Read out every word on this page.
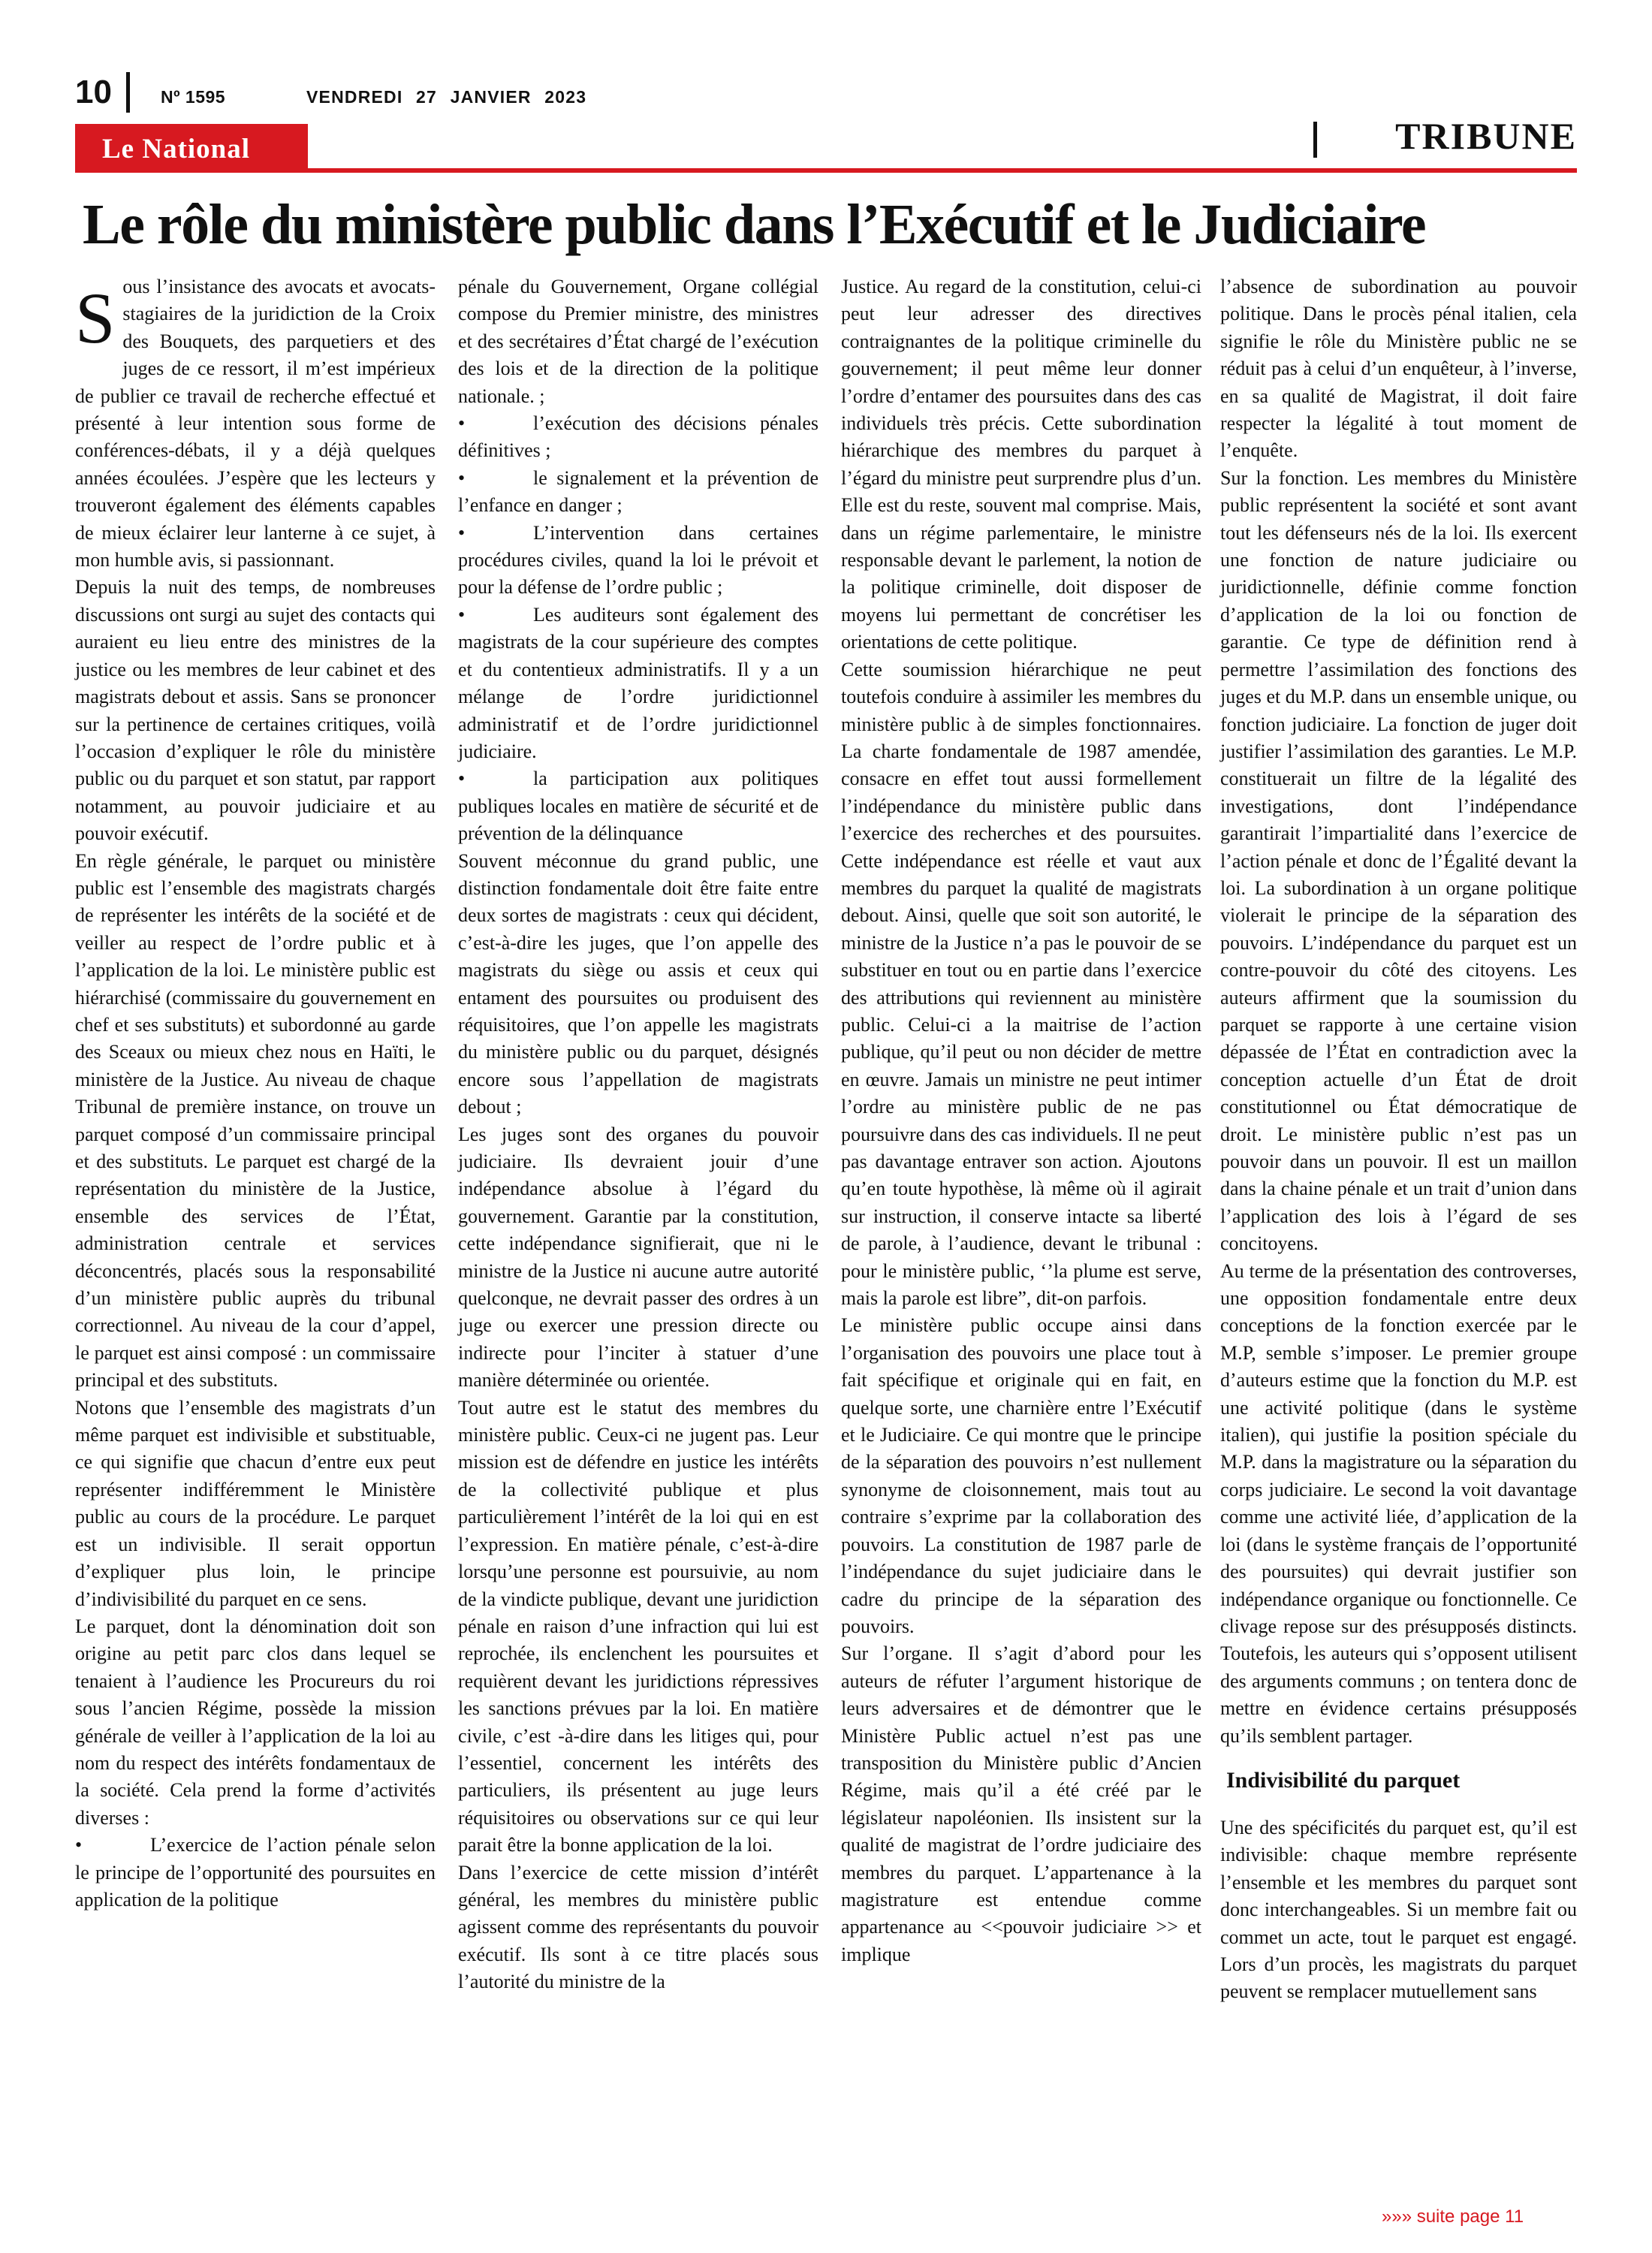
10	Nº 1595	VENDREDI 27 JANVIER 2023
Le National	TRIBUNE
Le rôle du ministère public dans l’Exécutif et le Judiciaire
S ous l’insistance des avocats et avocats-stagiaires de la juridiction de la Croix des Bouquets, des parquetiers et des juges de ce ressort, il m’est impérieux de publier ce travail de recherche effectué et présenté à leur intention sous forme de conférences-débats, il y a déjà quelques années écoulées. J’espère que les lecteurs y trouveront également des éléments capables de mieux éclairer leur lanterne à ce sujet, à mon humble avis, si passionnant.

Depuis la nuit des temps, de nombreuses discussions ont surgi au sujet des contacts qui auraient eu lieu entre des ministres de la justice ou les membres de leur cabinet et des magistrats debout et assis. Sans se prononcer sur la pertinence de certaines critiques, voilà l’occasion d’expliquer le rôle du ministère public ou du parquet et son statut, par rapport notamment, au pouvoir judiciaire et au pouvoir exécutif.

En règle générale, le parquet ou ministère public est l’ensemble des magistrats chargés de représenter les intérêts de la société et de veiller au respect de l’ordre public et à l’application de la loi. Le ministère public est hiérarchisé (commissaire du gouvernement en chef et ses substituts) et subordonné au garde des Sceaux ou mieux chez nous en Haïti, le ministère de la Justice. Au niveau de chaque Tribunal de première instance, on trouve un parquet composé d’un commissaire principal et des substituts. Le parquet est chargé de la représentation du ministère de la Justice, ensemble des services de l’État, administration centrale et services déconcentrés, placés sous la responsabilité d’un ministère public auprès du tribunal correctionnel. Au niveau de la cour d’appel, le parquet est ainsi composé : un commissaire principal et des substituts.

Notons que l’ensemble des magistrats d’un même parquet est indivisible et substituable, ce qui signifie que chacun d’entre eux peut représenter indifféremment le Ministère public au cours de la procédure. Le parquet est un indivisible. Il serait opportun d’expliquer plus loin, le principe d’indivisibilité du parquet en ce sens.

Le parquet, dont la dénomination doit son origine au petit parc clos dans lequel se tenaient à l’audience les Procureurs du roi sous l’ancien Régime, possède la mission générale de veiller à l’application de la loi au nom du respect des intérêts fondamentaux de la société. Cela prend la forme d’activités diverses :

•	L’exercice de l’action pénale selon le principe de l’opportunité des poursuites en application de la politique

pénale du Gouvernement, Organe collégial compose du Premier ministre, des ministres et des secrétaires d’État chargé de l’exécution des lois et de la direction de la politique nationale. ;

•	l’exécution des décisions pénales définitives ;

•	le signalement et la prévention de l’enfance en danger ;

•	L’intervention dans certaines procédures civiles, quand la loi le prévoit et pour la défense de l’ordre public ;

•	Les auditeurs sont également des magistrats de la cour supérieure des comptes et du contentieux administratifs. Il y a un mélange de l’ordre juridictionnel administratif et de l’ordre juridictionnel judiciaire.

•	la participation aux politiques publiques locales en matière de sécurité et de prévention de la délinquance

Souvent méconnue du grand public, une distinction fondamentale doit être faite entre deux sortes de magistrats : ceux qui décident, c’est-à-dire les juges, que l’on appelle des magistrats du siège ou assis et ceux qui entament des poursuites ou produisent des réquisitoires, que l’on appelle les magistrats du ministère public ou du parquet, désignés encore sous l’appellation de magistrats debout ;

Les juges sont des organes du pouvoir judiciaire. Ils devraient jouir d’une indépendance absolue à l’égard du gouvernement. Garantie par la constitution, cette indépendance signifierait, que ni le ministre de la Justice ni aucune autre autorité quelconque, ne devrait passer des ordres à un juge ou exercer une pression directe ou indirecte pour l’inciter à statuer d’une manière déterminée ou orientée.

Tout autre est le statut des membres du ministère public. Ceux-ci ne jugent pas. Leur mission est de défendre en justice les intérêts de la collectivité publique et plus particulièrement l’intérêt de la loi qui en est l’expression. En matière pénale, c’est-à-dire lorsqu’une personne est poursuivie, au nom de la vindicte publique, devant une juridiction pénale en raison d’une infraction qui lui est reprochée, ils enclenchent les poursuites et requièrent devant les juridictions répressives les sanctions prévues par la loi. En matière civile, c’est -à-dire dans les litiges qui, pour l’essentiel, concernent les intérêts des particuliers, ils présentent au juge leurs réquisitoires ou observations sur ce qui leur parait être la bonne application de la loi.

Dans l’exercice de cette mission d’intérêt général, les membres du ministère public agissent comme des représentants du pouvoir exécutif. Ils sont à ce titre placés sous l’autorité du ministre de la

Justice. Au regard de la constitution, celui-ci peut leur adresser des directives contraignantes de la politique criminelle du gouvernement; il peut même leur donner l’ordre d’entamer des poursuites dans des cas individuels très précis. Cette subordination hiérarchique des membres du parquet à l’égard du ministre peut surprendre plus d’un. Elle est du reste, souvent mal comprise. Mais, dans un régime parlementaire, le ministre responsable devant le parlement, la notion de la politique criminelle, doit disposer de moyens lui permettant de concrétiser les orientations de cette politique.

Cette soumission hiérarchique ne peut toutefois conduire à assimiler les membres du ministère public à de simples fonctionnaires. La charte fondamentale de 1987 amendée, consacre en effet tout aussi formellement l’indépendance du ministère public dans l’exercice des recherches et des poursuites. Cette indépendance est réelle et vaut aux membres du parquet la qualité de magistrats debout. Ainsi, quelle que soit son autorité, le ministre de la Justice n’a pas le pouvoir de se substituer en tout ou en partie dans l’exercice des attributions qui reviennent au ministère public. Celui-ci a la maitrise de l’action publique, qu’il peut ou non décider de mettre en œuvre. Jamais un ministre ne peut intimer l’ordre au ministère public de ne pas poursuivre dans des cas individuels. Il ne peut pas davantage entraver son action. Ajoutons qu’en toute hypothèse, là même où il agirait sur instruction, il conserve intacte sa liberté de parole, à l’audience, devant le tribunal : pour le ministère public, ‘’la plume est serve, mais la parole est libre”, dit-on parfois.

Le ministère public occupe ainsi dans l’organisation des pouvoirs une place tout à fait spécifique et originale qui en fait, en quelque sorte, une charnière entre l’Exécutif et le Judiciaire. Ce qui montre que le principe de la séparation des pouvoirs n’est nullement synonyme de cloisonnement, mais tout au contraire s’exprime par la collaboration des pouvoirs. La constitution de 1987 parle de l’indépendance du sujet judiciaire dans le cadre du principe de la séparation des pouvoirs.

Sur l’organe. Il s’agit d’abord pour les auteurs de réfuter l’argument historique de leurs adversaires et de démontrer que le Ministère Public actuel n’est pas une transposition du Ministère public d’Ancien Régime, mais qu’il a été créé par le législateur napoléonien. Ils insistent sur la qualité de magistrat de l’ordre judiciaire des membres du parquet. L’appartenance à la magistrature est entendue comme appartenance au <<pouvoir judiciaire >> et implique

l’absence de subordination au pouvoir politique. Dans le procès pénal italien, cela signifie le rôle du Ministère public ne se réduit pas à celui d’un enquêteur, à l’inverse, en sa qualité de Magistrat, il doit faire respecter la légalité à tout moment de l’enquête.

Sur la fonction. Les membres du Ministère public représentent la société et sont avant tout les défenseurs nés de la loi. Ils exercent une fonction de nature judiciaire ou juridictionnelle, définie comme fonction d’application de la loi ou fonction de garantie. Ce type de définition rend à permettre l’assimilation des fonctions des juges et du M.P. dans un ensemble unique, ou fonction judiciaire. La fonction de juger doit justifier l’assimilation des garanties. Le M.P. constituerait un filtre de la légalité des investigations, dont l’indépendance garantirait l’impartialité dans l’exercice de l’action pénale et donc de l’Égalité devant la loi. La subordination à un organe politique violerait le principe de la séparation des pouvoirs. L’indépendance du parquet est un contre-pouvoir du côté des citoyens. Les auteurs affirment que la soumission du parquet se rapporte à une certaine vision dépassée de l’État en contradiction avec la conception actuelle d’un État de droit constitutionnel ou État démocratique de droit. Le ministère public n’est pas un pouvoir dans un pouvoir. Il est un maillon dans la chaine pénale et un trait d’union dans l’application des lois à l’égard de ses concitoyens.

Au terme de la présentation des controverses, une opposition fondamentale entre deux conceptions de la fonction exercée par le M.P, semble s’imposer. Le premier groupe d’auteurs estime que la fonction du M.P. est une activité politique (dans le système italien), qui justifie la position spéciale du M.P. dans la magistrature ou la séparation du corps judiciaire. Le second la voit davantage comme une activité liée, d’application de la loi (dans le système français de l’opportunité des poursuites) qui devrait justifier son indépendance organique ou fonctionnelle. Ce clivage repose sur des présupposés distincts. Toutefois, les auteurs qui s’opposent utilisent des arguments communs ; on tentera donc de mettre en évidence certains présupposés qu’ils semblent partager.

Indivisibilité du parquet

Une des spécificités du parquet est, qu’il est indivisible: chaque membre représente l’ensemble et les membres du parquet sont donc interchangeables. Si un membre fait ou commet un acte, tout le parquet est engagé. Lors d’un procès, les magistrats du parquet peuvent se remplacer mutuellement sans

»»» suite page 11
